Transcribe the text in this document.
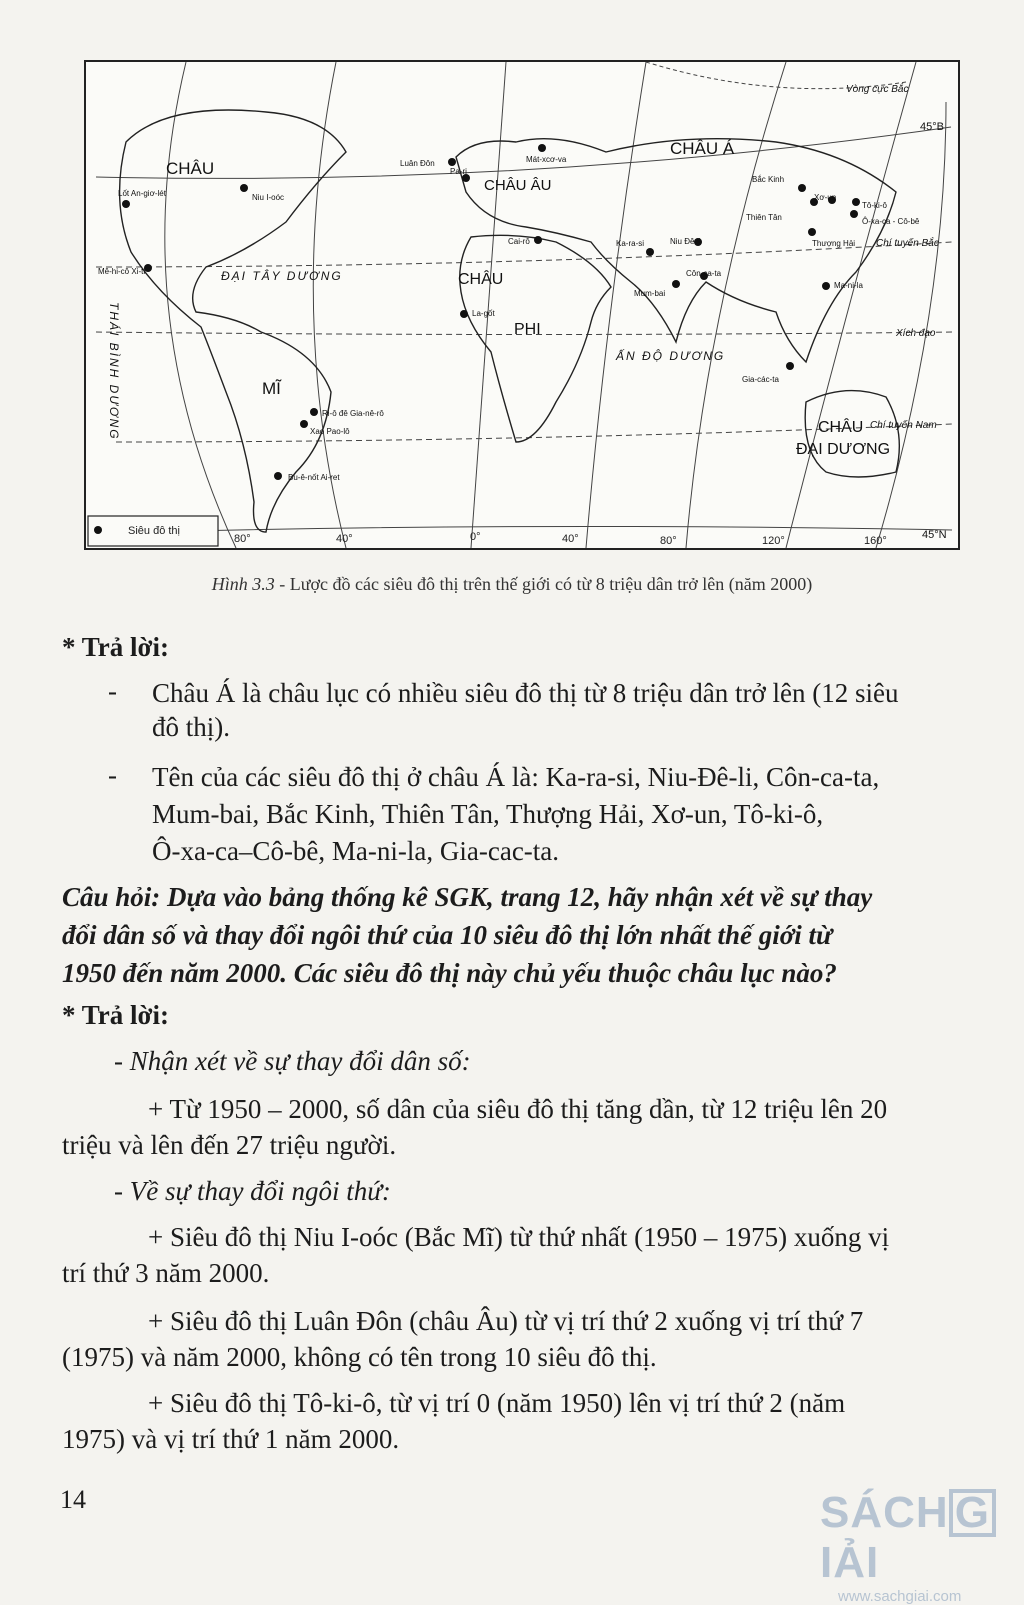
Siêu đô thị
CHÂU
MĨ
CHÂU ÂU
CHÂU Á
CHÂU
PHI
CHÂU
ĐẠI DƯƠNG
ĐẠI TÂY DƯƠNG
ẤN ĐỘ DƯƠNG
THÁI BÌNH DƯƠNG
Vòng cực Bắc
45°B
Chí tuyến Bắc
Xích đạo
Chí tuyến Nam
45°N
80°	40°	0°	40°	80°	120°	160°
Lốt An-giơ-lét	Niu I-oóc
Mê-hi-cô Xi-ti
Luân Đôn
Pa-ri
Mát-xcơ-va
Cai-rô	Ka-ra-si	Niu Đê-li
Côn-ca-ta
Mum-bai
La-gốt
Bắc Kinh
Thiên Tân
Xơ-un
Tô-ki-ô
Ô-xa-ca - Cô-bê
Thượng Hải
Ma-ni-la
Gia-các-ta
Ri-ô đê Gia-nê-rô
Xao Pao-lô
Bu-ê-nốt Ai-ret
Hình 3.3 - Lược đồ các siêu đô thị trên thế giới có từ 8 triệu dân trở lên (năm 2000)
* Trả lời:
- Châu Á là châu lục có nhiều siêu đô thị từ 8 triệu dân trở lên (12 siêu
đô thị).
- Tên của các siêu đô thị ở châu Á là: Ka-ra-si, Niu-Đê-li, Côn-ca-ta,
Mum-bai, Bắc Kinh, Thiên Tân, Thượng Hải, Xơ-un, Tô-ki-ô,
Ô-xa-ca–Cô-bê, Ma-ni-la, Gia-cac-ta.
Câu hỏi: Dựa vào bảng thống kê SGK, trang 12, hãy nhận xét về sự thay
đổi dân số và thay đổi ngôi thứ của 10 siêu đô thị lớn nhất thế giới từ
1950 đến năm 2000. Các siêu đô thị này chủ yếu thuộc châu lục nào?
* Trả lời:
- Nhận xét về sự thay đổi dân số:
+ Từ 1950 – 2000, số dân của siêu đô thị tăng dần, từ 12 triệu lên 20
triệu và lên đến 27 triệu người.
- Về sự thay đổi ngôi thứ:
+ Siêu đô thị Niu I-oóc (Bắc Mĩ) từ thứ nhất (1950 – 1975) xuống vị
trí thứ 3 năm 2000.
+ Siêu đô thị Luân Đôn (châu Âu) từ vị trí thứ 2 xuống vị trí thứ 7
(1975) và năm 2000, không có tên trong 10 siêu đô thị.
+ Siêu đô thị Tô-ki-ô, từ vị trí 0 (năm 1950) lên vị trí thứ 2 (năm
1975) và vị trí thứ 1 năm 2000.
14	SÁCH GIẢI
www.sachgiai.com
